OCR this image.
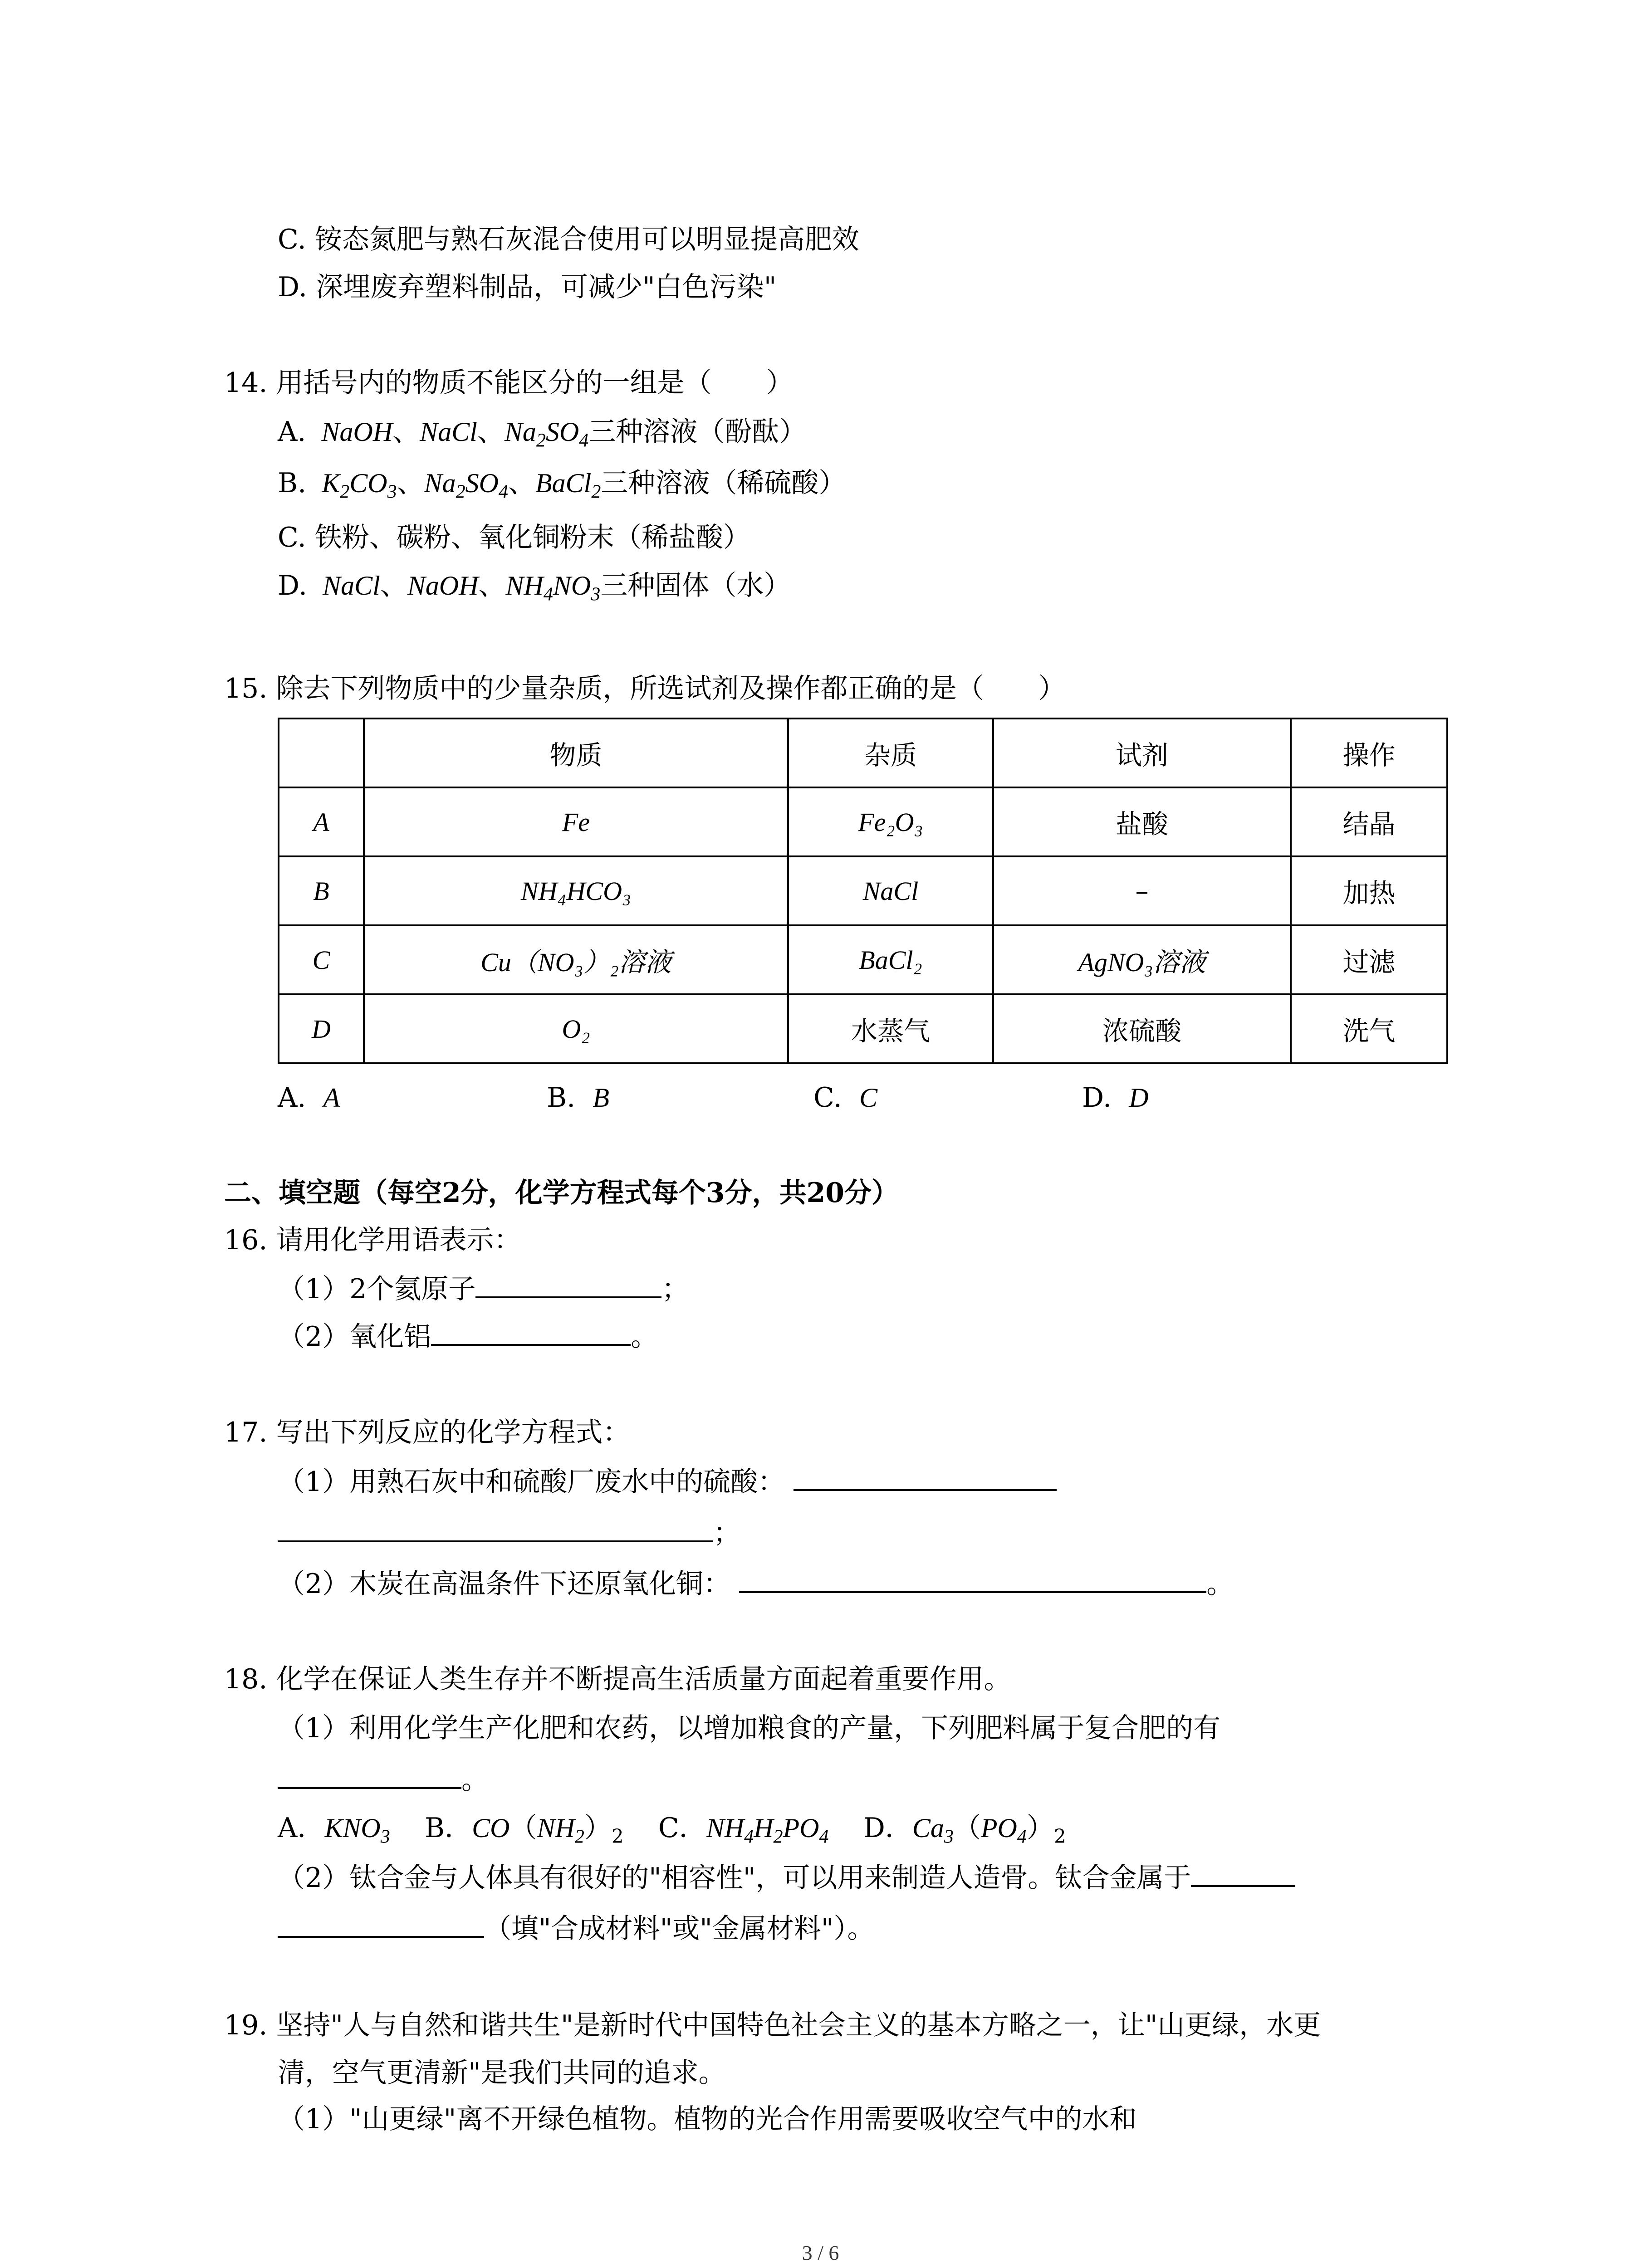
C. 铵态氮肥与熟石灰混合使用可以明显提高肥效
D. 深埋废弃塑料制品，可减少"白色污染"
14. 用括号内的物质不能区分的一组是（　　）
A.  NaOH、NaCl、$Na_2SO_4$三种溶液（酚酞）
B.  $K_2CO_3$、$Na_2SO_4$、BaCl$_2$三种溶液（稀硫酸）
C. 铁粉、碳粉、氧化铜粉末（稀盐酸）
D.  NaCl、NaOH、$NH_4NO_3$三种固体（水）
15. 除去下列物质中的少量杂质，所选试剂及操作都正确的是（　　）
	物质	杂质	试剂	操作
A	Fe	Fe₂O₃	盐酸	结晶
B	NH₄HCO₃	NaCl	–	加热
C	Cu（NO₃）₂溶液	BaCl₂	AgNO₃溶液	过滤
D	O₂	水蒸气	浓硫酸	洗气
A. A	B. B	C. C	D. D
二、填空题（每空2分，化学方程式每个3分，共20分）
16. 请用化学用语表示：
（1）2个氦原子	；
（2）氧化铝	。
17. 写出下列反应的化学方程式：
（1）用熟石灰中和硫酸厂废水中的硫酸：
；
（2）木炭在高温条件下还原氧化铜：	。
18. 化学在保证人类生存并不断提高生活质量方面起着重要作用。
（1）利用化学生产化肥和农药，以增加粮食的产量，下列肥料属于复合肥的有
。
A．$KNO_3$ B．$CO(NH_2)_2$ C．$NH_4H_2PO_4$ D．$Ca_3(PO_4)_2$
（2）钛合金与人体具有很好的"相容性"，可以用来制造人造骨。钛合金属于
（填"合成材料"或"金属材料"）。
19. 坚持"人与自然和谐共生"是新时代中国特色社会主义的基本方略之一，让"山更绿，水更
清，空气更清新"是我们共同的追求。
（1）"山更绿"离不开绿色植物。植物的光合作用需要吸收空气中的水和
3 / 6
